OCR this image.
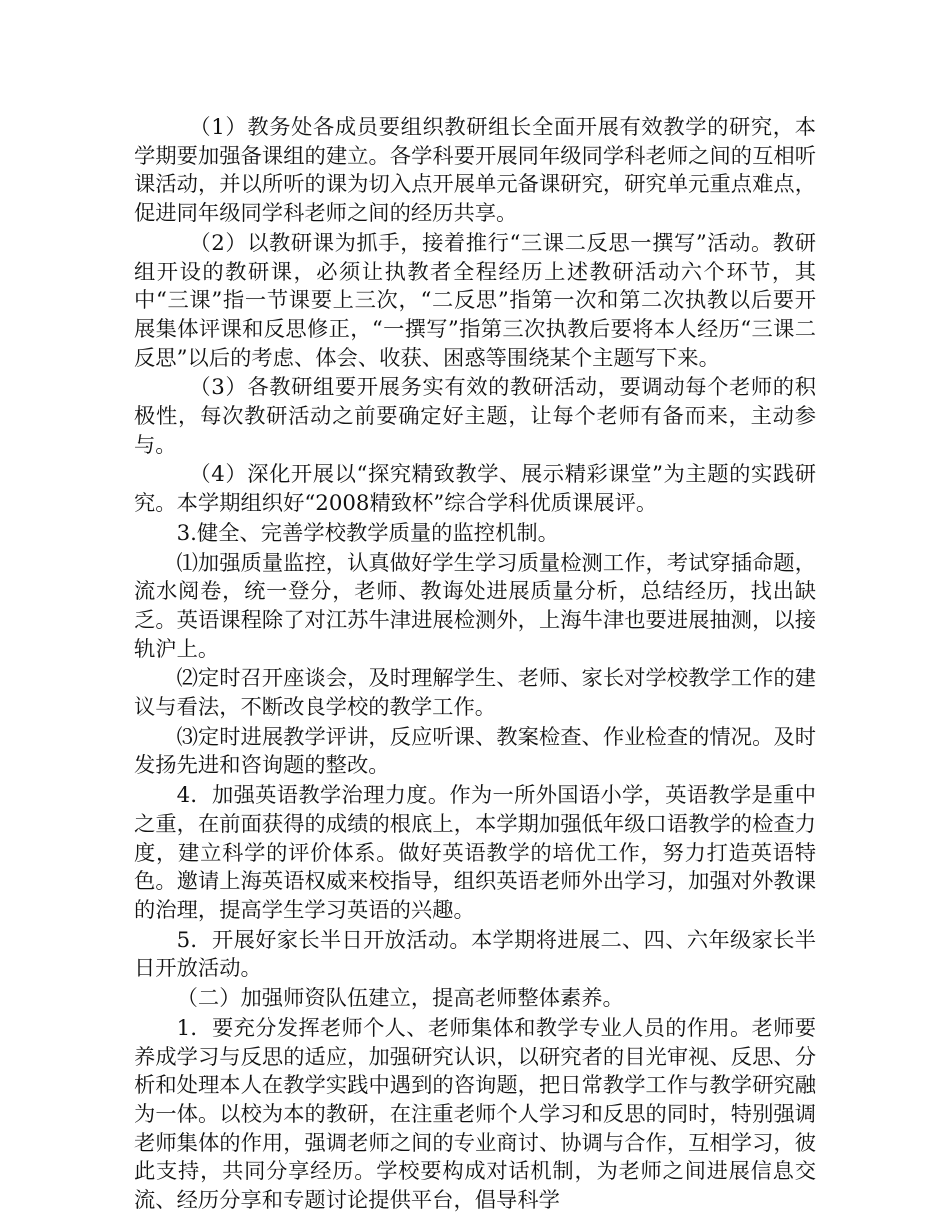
（1）教务处各成员要组织教研组长全面开展有效教学的研究，本学期要加强备课组的建立。各学科要开展同年级同学科老师之间的互相听课活动，并以所听的课为切入点开展单元备课研究，研究单元重点难点，促进同年级同学科老师之间的经历共享。

（2）以教研课为抓手，接着推行“三课二反思一撰写”活动。教研组开设的教研课，必须让执教者全程经历上述教研活动六个环节，其中“三课”指一节课要上三次，“二反思”指第一次和第二次执教以后要开展集体评课和反思修正，“一撰写”指第三次执教后要将本人经历“三课二反思”以后的考虑、体会、收获、困惑等围绕某个主题写下来。

（3）各教研组要开展务实有效的教研活动，要调动每个老师的积极性，每次教研活动之前要确定好主题，让每个老师有备而来，主动参与。

（4）深化开展以“探究精致教学、展示精彩课堂”为主题的实践研究。本学期组织好“2008精致杯”综合学科优质课展评。

3.健全、完善学校教学质量的监控机制。

⑴加强质量监控，认真做好学生学习质量检测工作，考试穿插命题，流水阅卷，统一登分，老师、教诲处进展质量分析，总结经历，找出缺乏。英语课程除了对江苏牛津进展检测外，上海牛津也要进展抽测，以接轨沪上。

⑵定时召开座谈会，及时理解学生、老师、家长对学校教学工作的建议与看法，不断改良学校的教学工作。

⑶定时进展教学评讲，反应听课、教案检查、作业检查的情况。及时发扬先进和咨询题的整改。

4．加强英语教学治理力度。作为一所外国语小学，英语教学是重中之重，在前面获得的成绩的根底上，本学期加强低年级口语教学的检查力度，建立科学的评价体系。做好英语教学的培优工作，努力打造英语特色。邀请上海英语权威来校指导，组织英语老师外出学习，加强对外教课的治理，提高学生学习英语的兴趣。

5．开展好家长半日开放活动。本学期将进展二、四、六年级家长半日开放活动。

（二）加强师资队伍建立，提高老师整体素养。

1．要充分发挥老师个人、老师集体和教学专业人员的作用。老师要养成学习与反思的适应，加强研究认识，以研究者的目光审视、反思、分析和处理本人在教学实践中遇到的咨询题，把日常教学工作与教学研究融为一体。以校为本的教研，在注重老师个人学习和反思的同时，特别强调老师集体的作用，强调老师之间的专业商讨、协调与合作，互相学习，彼此支持，共同分享经历。学校要构成对话机制，为老师之间进展信息交流、经历分享和专题讨论提供平台，倡导科学
